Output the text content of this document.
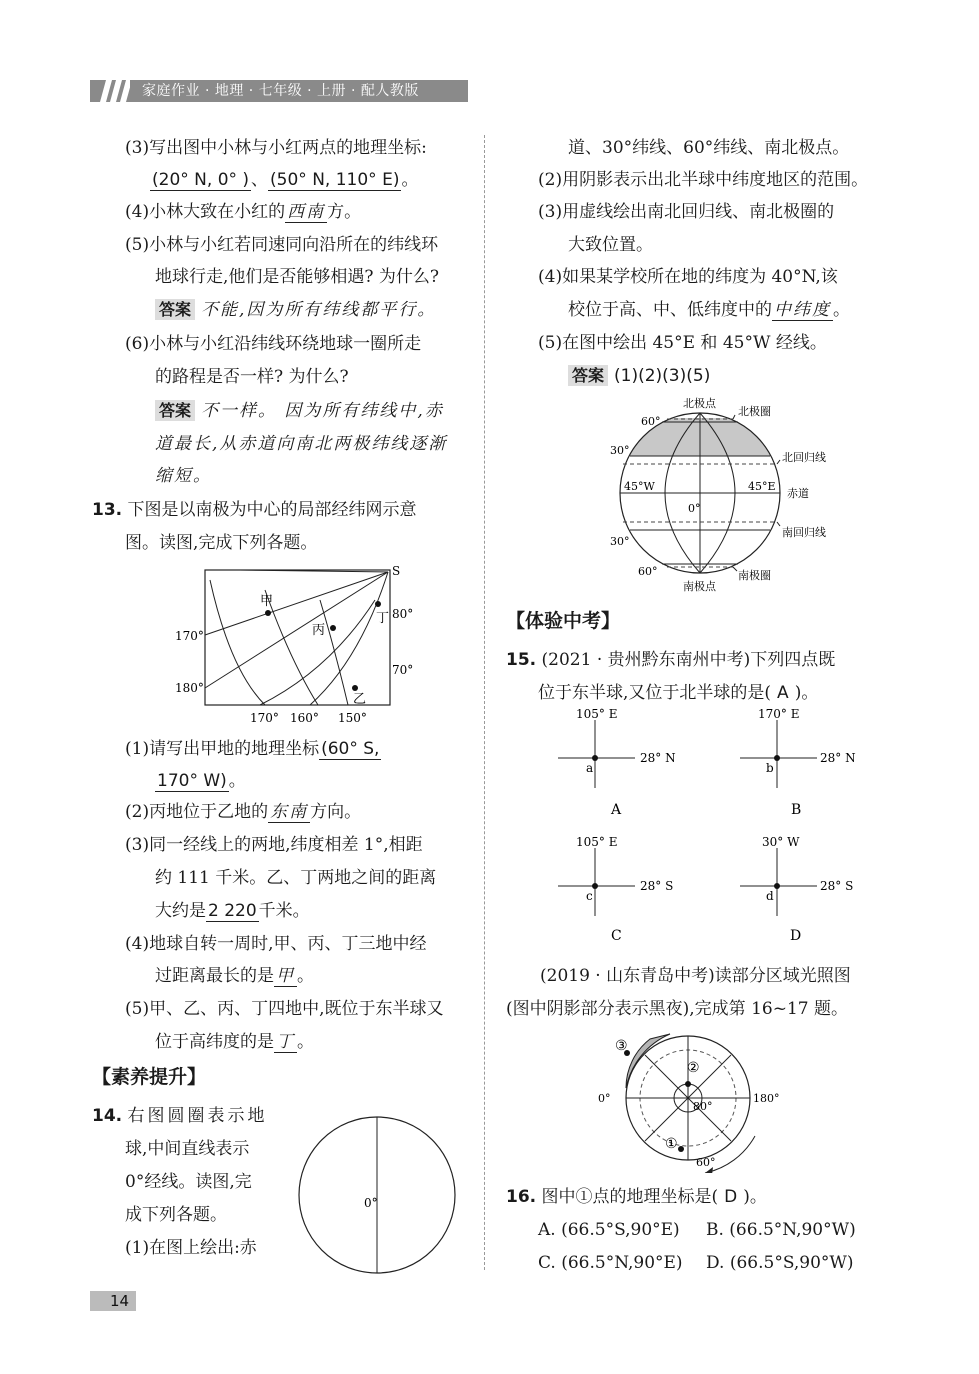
家庭作业 · 地理 · 七年级 · 上册 · 配人教版
(3)写出图中小林与小红两点的地理坐标:
(20° N, 0° ) 、 (50° N, 110° E) 。
(4)小林大致在小红的 西南 方。
(5)小林与小红若同速同向沿所在的纬线环
地球行走,他们是否能够相遇? 为什么?
答案 不能,因为所有纬线都平行。
(6)小林与小红沿纬线环绕地球一圈所走
的路程是否一样? 为什么?
答案 不一样。 因为所有纬线中,赤
道最长,从赤道向南北两极纬线逐渐
缩短。
13. 下图是以南极为中心的局部经纬网示意
图。读图,完成下列各题。
S
甲
丙
丁
乙
170°
180°
80°
70°
170° 160° 150°
(1)请写出甲地的地理坐标 (60° S,
170° W) 。
(2)丙地位于乙地的 东南 方向。
(3)同一经线上的两地,纬度相差 1°,相距
约 111 千米。乙、丁两地之间的距离
大约是 2 220 千米。
(4)地球自转一周时,甲、丙、丁三地中经
过距离最长的是 甲 。
(5)甲、乙、丙、丁四地中,既位于东半球又
位于高纬度的是 丁 。
【素养提升】
14. 右图圆圈表示地
球,中间直线表示
0°经线。读图,完
成下列各题。
(1)在图上绘出:赤
0°
14
道、30°纬线、60°纬线、南北极点。
(2)用阴影表示出北半球中纬度地区的范围。
(3)用虚线绘出南北回归线、南北极圈的
大致位置。
(4)如果某学校所在地的纬度为 40°N,该
校位于高、中、低纬度中的 中纬度 。
(5)在图中绘出 45°E 和 45°W 经线。
答案 (1)(2)(3)(5)
北极点
北极圈
北回归线
赤道
南回归线
南极圈
南极点
60°
30°
45°W	45°E
0°
30°
60°
【体验中考】
15. (2021 · 贵州黔东南州中考)下列四点既
位于东半球,又位于北半球的是( A )。
105° E
28° N
a
A
170° E
28° N
b
B
105° E
28° S
c
C
30° W
28° S
d
D
(2019 · 山东青岛中考)读部分区域光照图
(图中阴影部分表示黑夜),完成第 16~17 题。
③
②
①
0°	180°
80°
60°
16. 图中①点的地理坐标是( D )。
A. (66.5°S,90°E) B. (66.5°N,90°W)
C. (66.5°N,90°E) D. (66.5°S,90°W)
